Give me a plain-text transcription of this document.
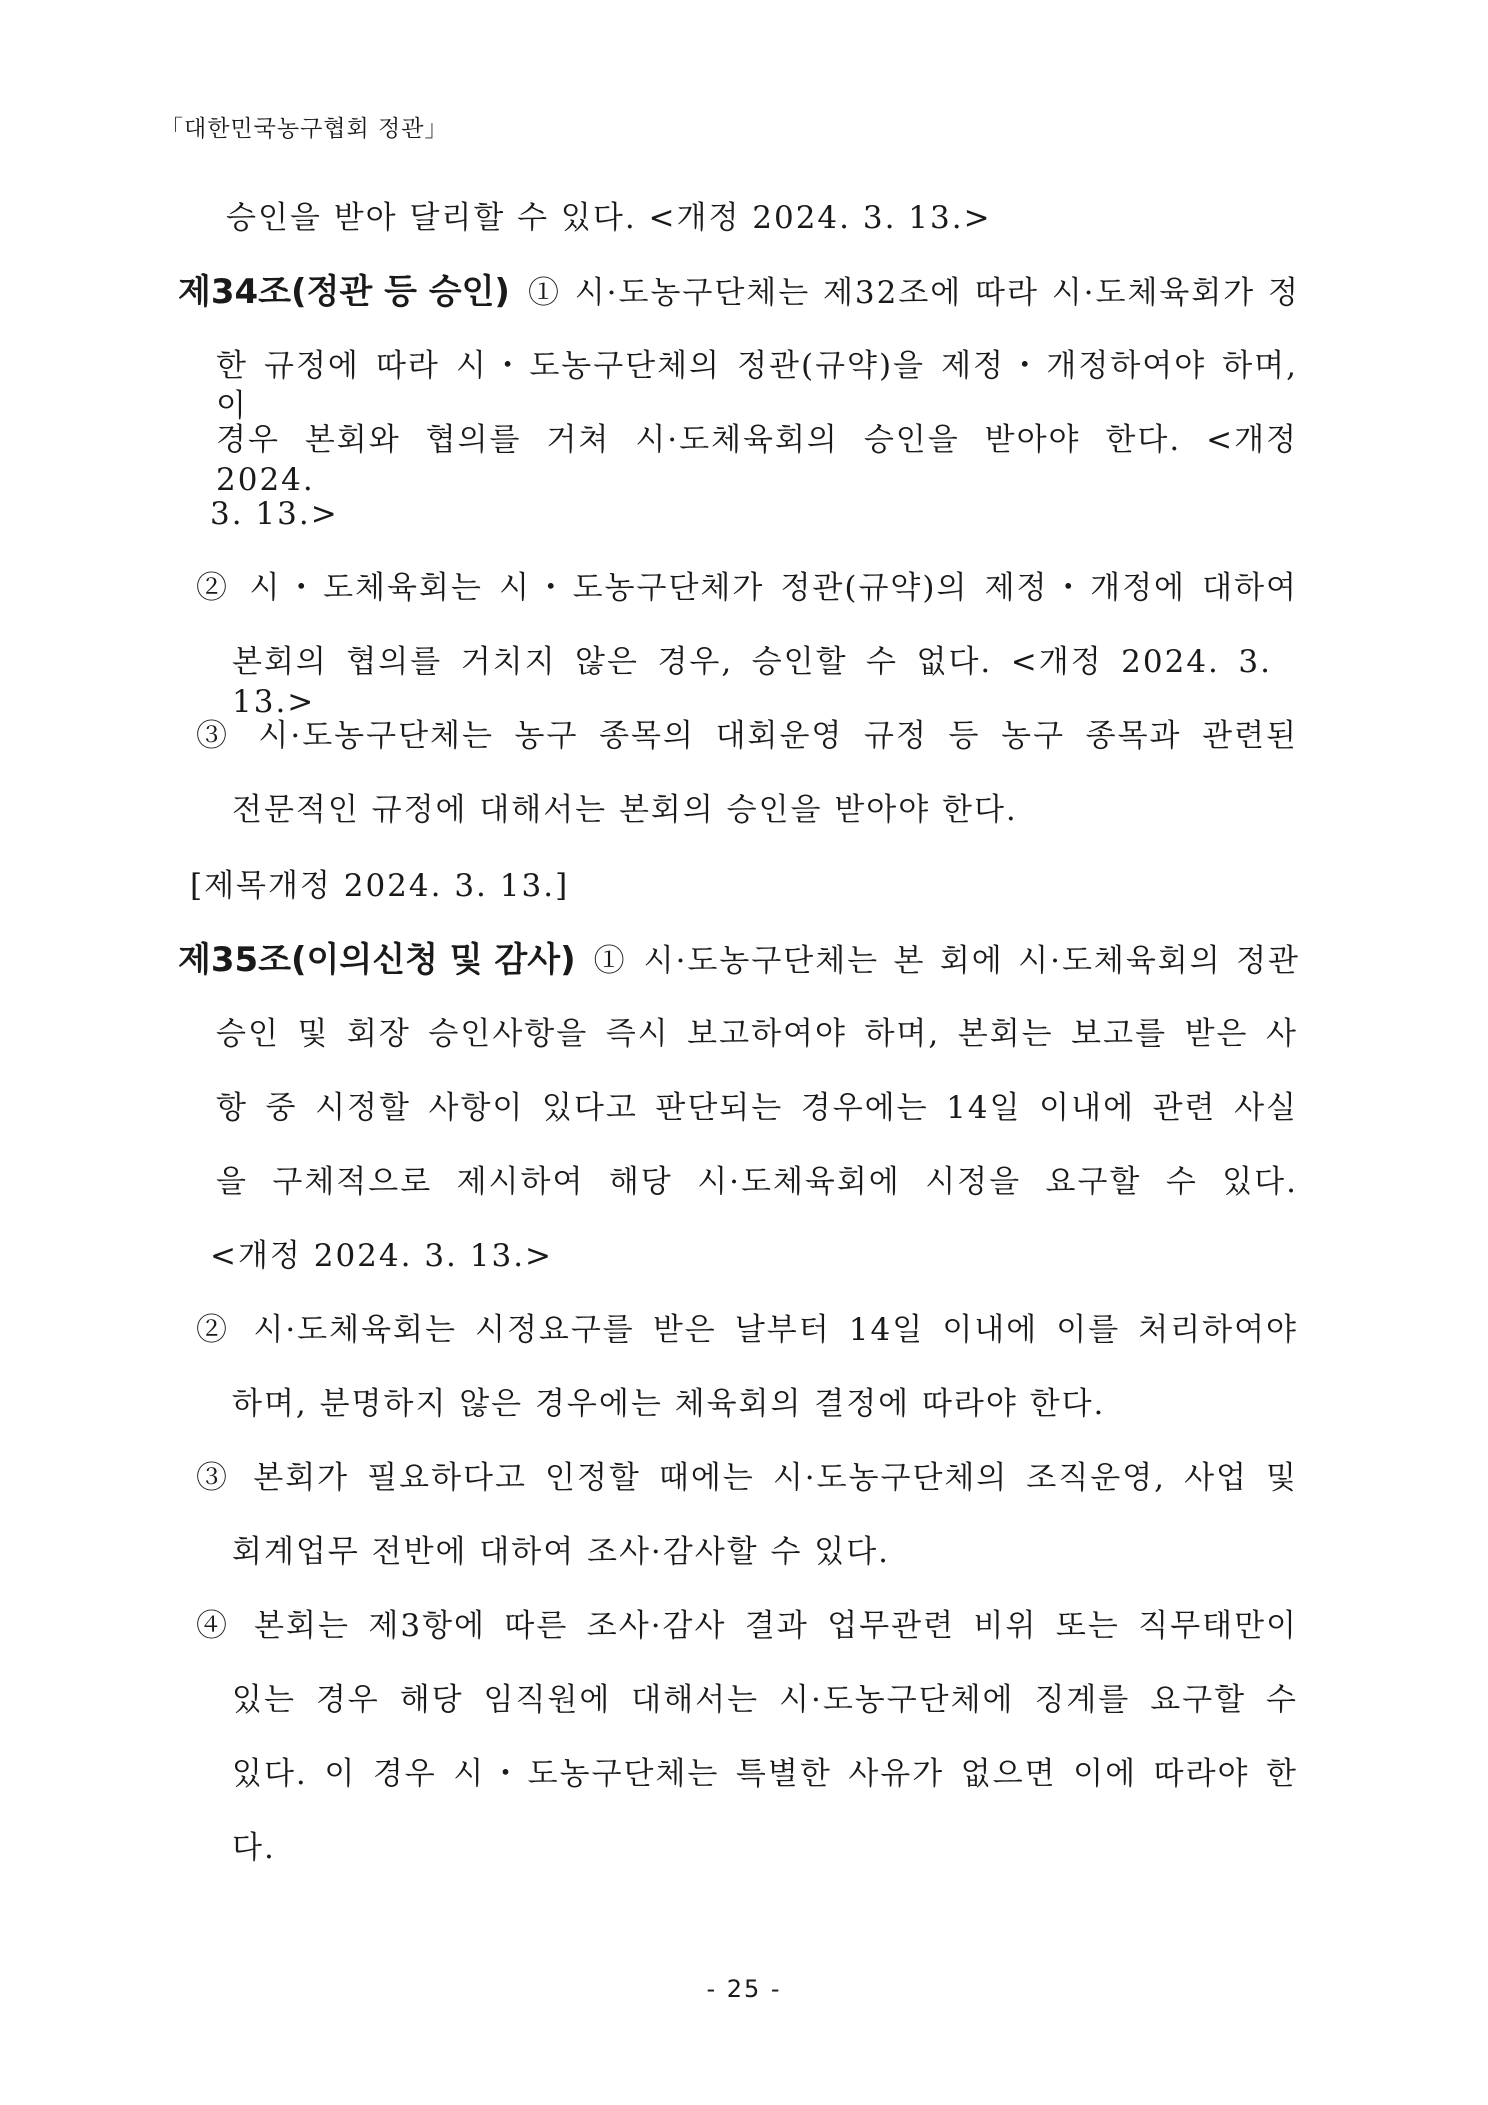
「대한민국농구협회 정관」
승인을 받아 달리할 수 있다. <개정 2024. 3. 13.>
제34조(정관 등 승인) ① 시·도농구단체는 제32조에 따라 시·도체육회가 정
한 규정에 따라 시・도농구단체의 정관(규약)을 제정・개정하여야 하며, 이
경우 본회와 협의를 거쳐 시·도체육회의 승인을 받아야 한다. <개정 2024.
3. 13.>
② 시・도체육회는 시・도농구단체가 정관(규약)의 제정・개정에 대하여
본회의 협의를 거치지 않은 경우, 승인할 수 없다. <개정 2024. 3. 13.>
③ 시·도농구단체는 농구 종목의 대회운영 규정 등 농구 종목과 관련된
전문적인 규정에 대해서는 본회의 승인을 받아야 한다.
[제목개정 2024. 3. 13.]
제35조(이의신청 및 감사) ① 시·도농구단체는 본 회에 시·도체육회의 정관
승인 및 회장 승인사항을 즉시 보고하여야 하며, 본회는 보고를 받은 사
항 중 시정할 사항이 있다고 판단되는 경우에는 14일 이내에 관련 사실
을 구체적으로 제시하여 해당 시·도체육회에 시정을 요구할 수 있다.
<개정 2024. 3. 13.>
② 시·도체육회는 시정요구를 받은 날부터 14일 이내에 이를 처리하여야
하며, 분명하지 않은 경우에는 체육회의 결정에 따라야 한다.
③ 본회가 필요하다고 인정할 때에는 시·도농구단체의 조직운영, 사업 및
회계업무 전반에 대하여 조사·감사할 수 있다.
④ 본회는 제3항에 따른 조사·감사 결과 업무관련 비위 또는 직무태만이
있는 경우 해당 임직원에 대해서는 시·도농구단체에 징계를 요구할 수
있다. 이 경우 시・도농구단체는 특별한 사유가 없으면 이에 따라야 한
다.
- 25 -
